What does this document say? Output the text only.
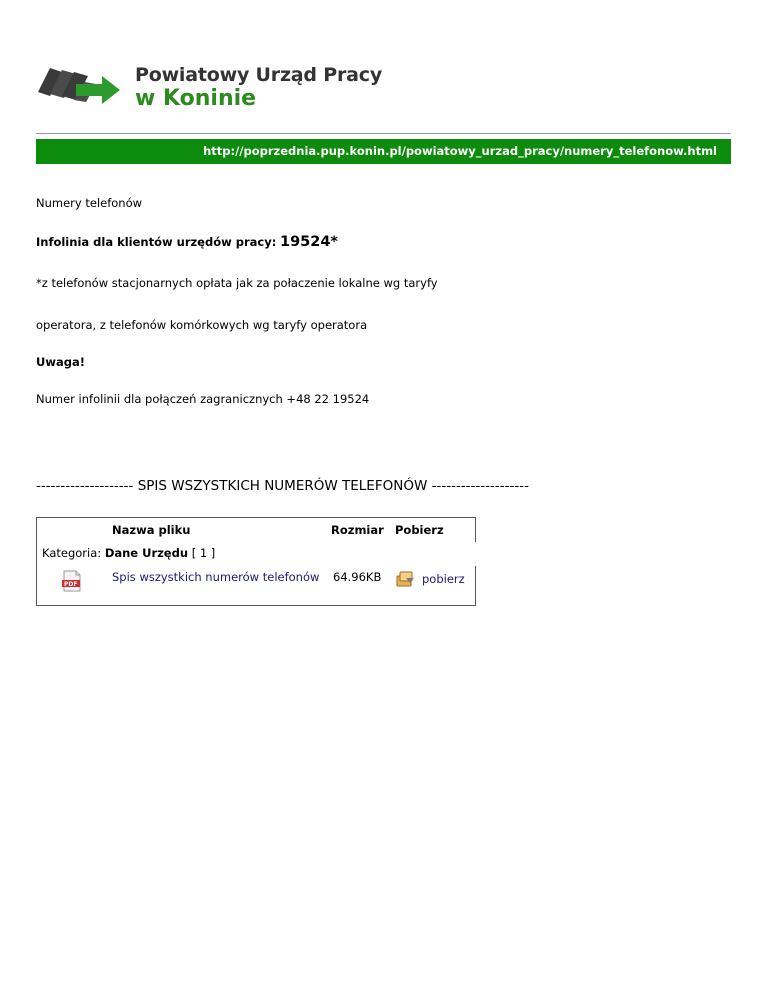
Powiatowy Urząd Pracy
w Koninie
http://poprzednia.pup.konin.pl/powiatowy_urzad_pracy/numery_telefonow.html
Numery telefonów
Infolinia dla klientów urzędów pracy: 19524*
*z telefonów stacjonarnych opłata jak za połaczenie lokalne wg taryfy
operatora, z telefonów komórkowych wg taryfy operatora
Uwaga!
Numer infolinii dla połączeń zagranicznych +48 22 19524
-------------------- SPIS WSZYSTKICH NUMERÓW TELEFONÓW --------------------
Nazwa pliku	Rozmiar Pobierz
Kategoria: Dane Urzędu [ 1 ]
PDF
Spis wszystkich numerów telefonów 64.96KB	pobierz
